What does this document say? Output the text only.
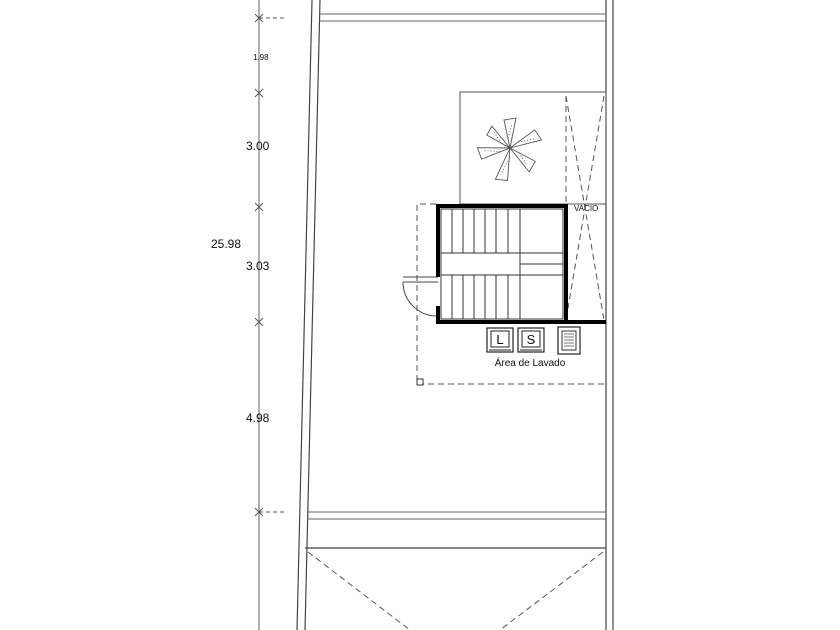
1.98
3.00
25.98
3.03
4.98
VACIO
L S
Área de Lavado
